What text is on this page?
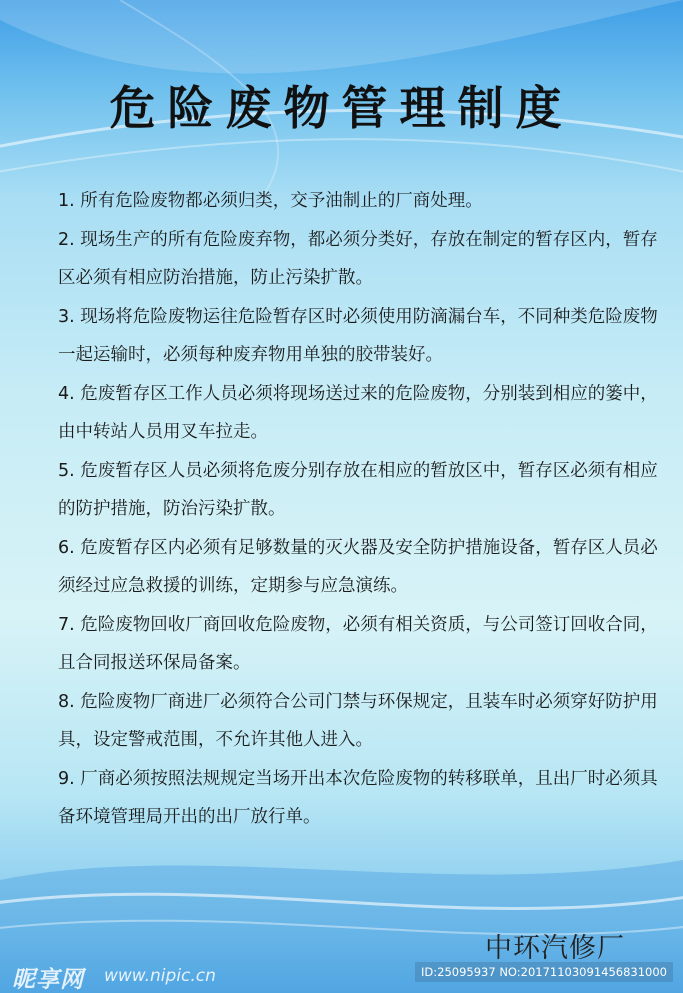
危险废物管理制度
1. 所有危险废物都必须归类，交予油制止的厂商处理。
2. 现场生产的所有危险废弃物，都必须分类好，存放在制定的暂存区内，暂存区必须有相应防治措施，防止污染扩散。
3. 现场将危险废物运往危险暂存区时必须使用防滴漏台车，不同种类危险废物一起运输时，必须每种废弃物用单独的胶带装好。
4. 危废暂存区工作人员必须将现场送过来的危险废物，分别装到相应的篓中，由中转站人员用叉车拉走。
5. 危废暂存区人员必须将危废分别存放在相应的暂放区中，暂存区必须有相应的防护措施，防治污染扩散。
6. 危废暂存区内必须有足够数量的灭火器及安全防护措施设备，暂存区人员必须经过应急救援的训练，定期参与应急演练。
7. 危险废物回收厂商回收危险废物，必须有相关资质，与公司签订回收合同，且合同报送环保局备案。
8. 危险废物厂商进厂必须符合公司门禁与环保规定，且装车时必须穿好防护用具，设定警戒范围，不允许其他人进入。
9. 厂商必须按照法规规定当场开出本次危险废物的转移联单，且出厂时必须具备环境管理局开出的出厂放行单。
中环汽修厂
昵享网 www.nipic.cn	ID:25095937 NO:20171103091456831000
